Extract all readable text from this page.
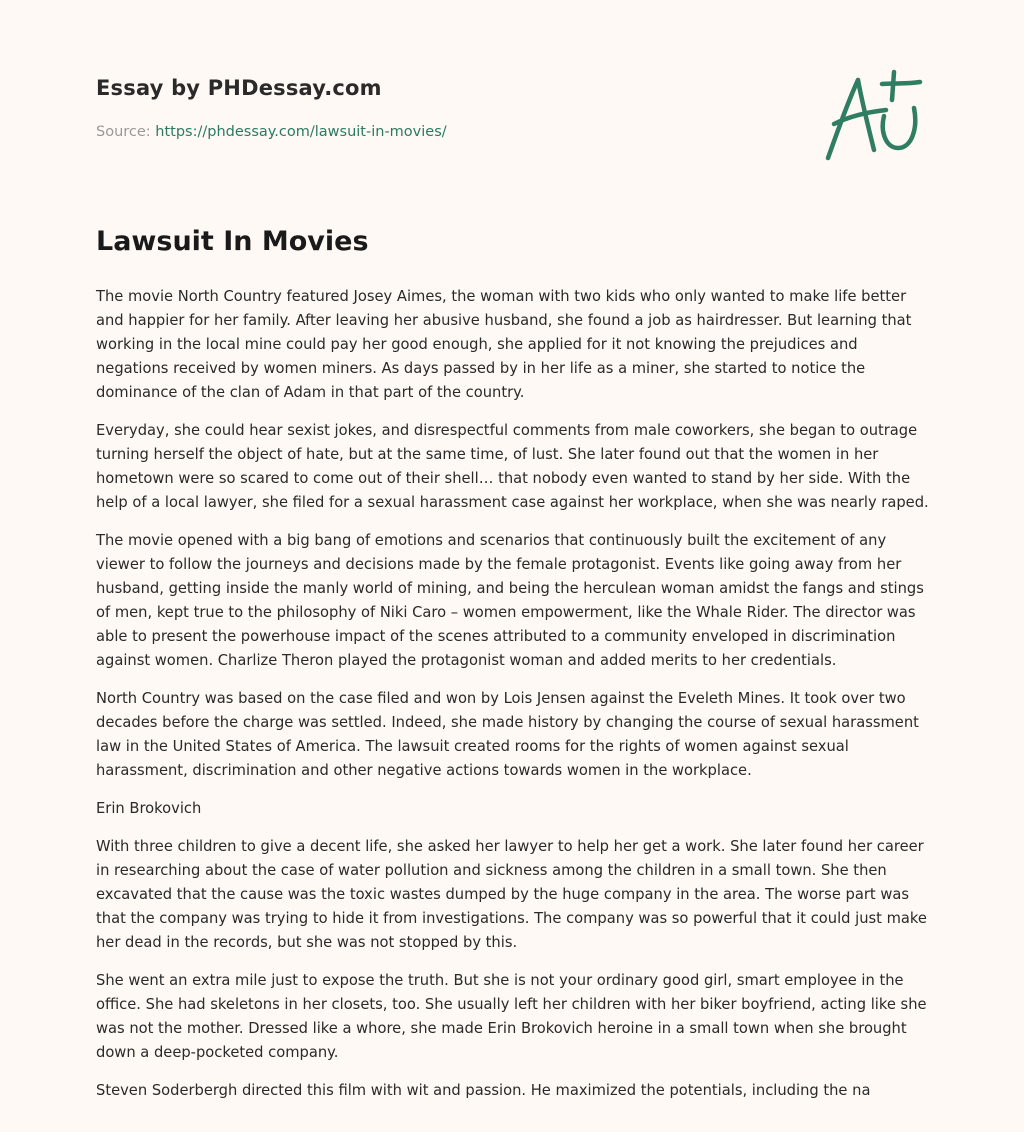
Essay by PHDessay.com
Source: https://phdessay.com/lawsuit-in-movies/
Lawsuit In Movies

The movie North Country featured Josey Aimes, the woman with two kids who only wanted to make life better and happier for her family. After leaving her abusive husband, she found a job as hairdresser. But learning that working in the local mine could pay her good enough, she applied for it not knowing the prejudices and negations received by women miners. As days passed by in her life as a miner, she started to notice the dominance of the clan of Adam in that part of the country.

Everyday, she could hear sexist jokes, and disrespectful comments from male coworkers, she began to outrage turning herself the object of hate, but at the same time, of lust. She later found out that the women in her hometown were so scared to come out of their shell… that nobody even wanted to stand by her side. With the help of a local lawyer, she filed for a sexual harassment case against her workplace, when she was nearly raped.

The movie opened with a big bang of emotions and scenarios that continuously built the excitement of any viewer to follow the journeys and decisions made by the female protagonist. Events like going away from her husband, getting inside the manly world of mining, and being the herculean woman amidst the fangs and stings of men, kept true to the philosophy of Niki Caro – women empowerment, like the Whale Rider. The director was able to present the powerhouse impact of the scenes attributed to a community enveloped in discrimination against women. Charlize Theron played the protagonist woman and added merits to her credentials.

North Country was based on the case filed and won by Lois Jensen against the Eveleth Mines. It took over two decades before the charge was settled. Indeed, she made history by changing the course of sexual harassment law in the United States of America. The lawsuit created rooms for the rights of women against sexual harassment, discrimination and other negative actions towards women in the workplace.

Erin Brokovich

With three children to give a decent life, she asked her lawyer to help her get a work. She later found her career in researching about the case of water pollution and sickness among the children in a small town. She then excavated that the cause was the toxic wastes dumped by the huge company in the area. The worse part was that the company was trying to hide it from investigations. The company was so powerful that it could just make her dead in the records, but she was not stopped by this.

She went an extra mile just to expose the truth. But she is not your ordinary good girl, smart employee in the office. She had skeletons in her closets, too. She usually left her children with her biker boyfriend, acting like she was not the mother. Dressed like a whore, she made Erin Brokovich heroine in a small town when she brought down a deep-pocketed company.

Steven Soderbergh directed this film with wit and passion. He maximized the potentials, including the na
